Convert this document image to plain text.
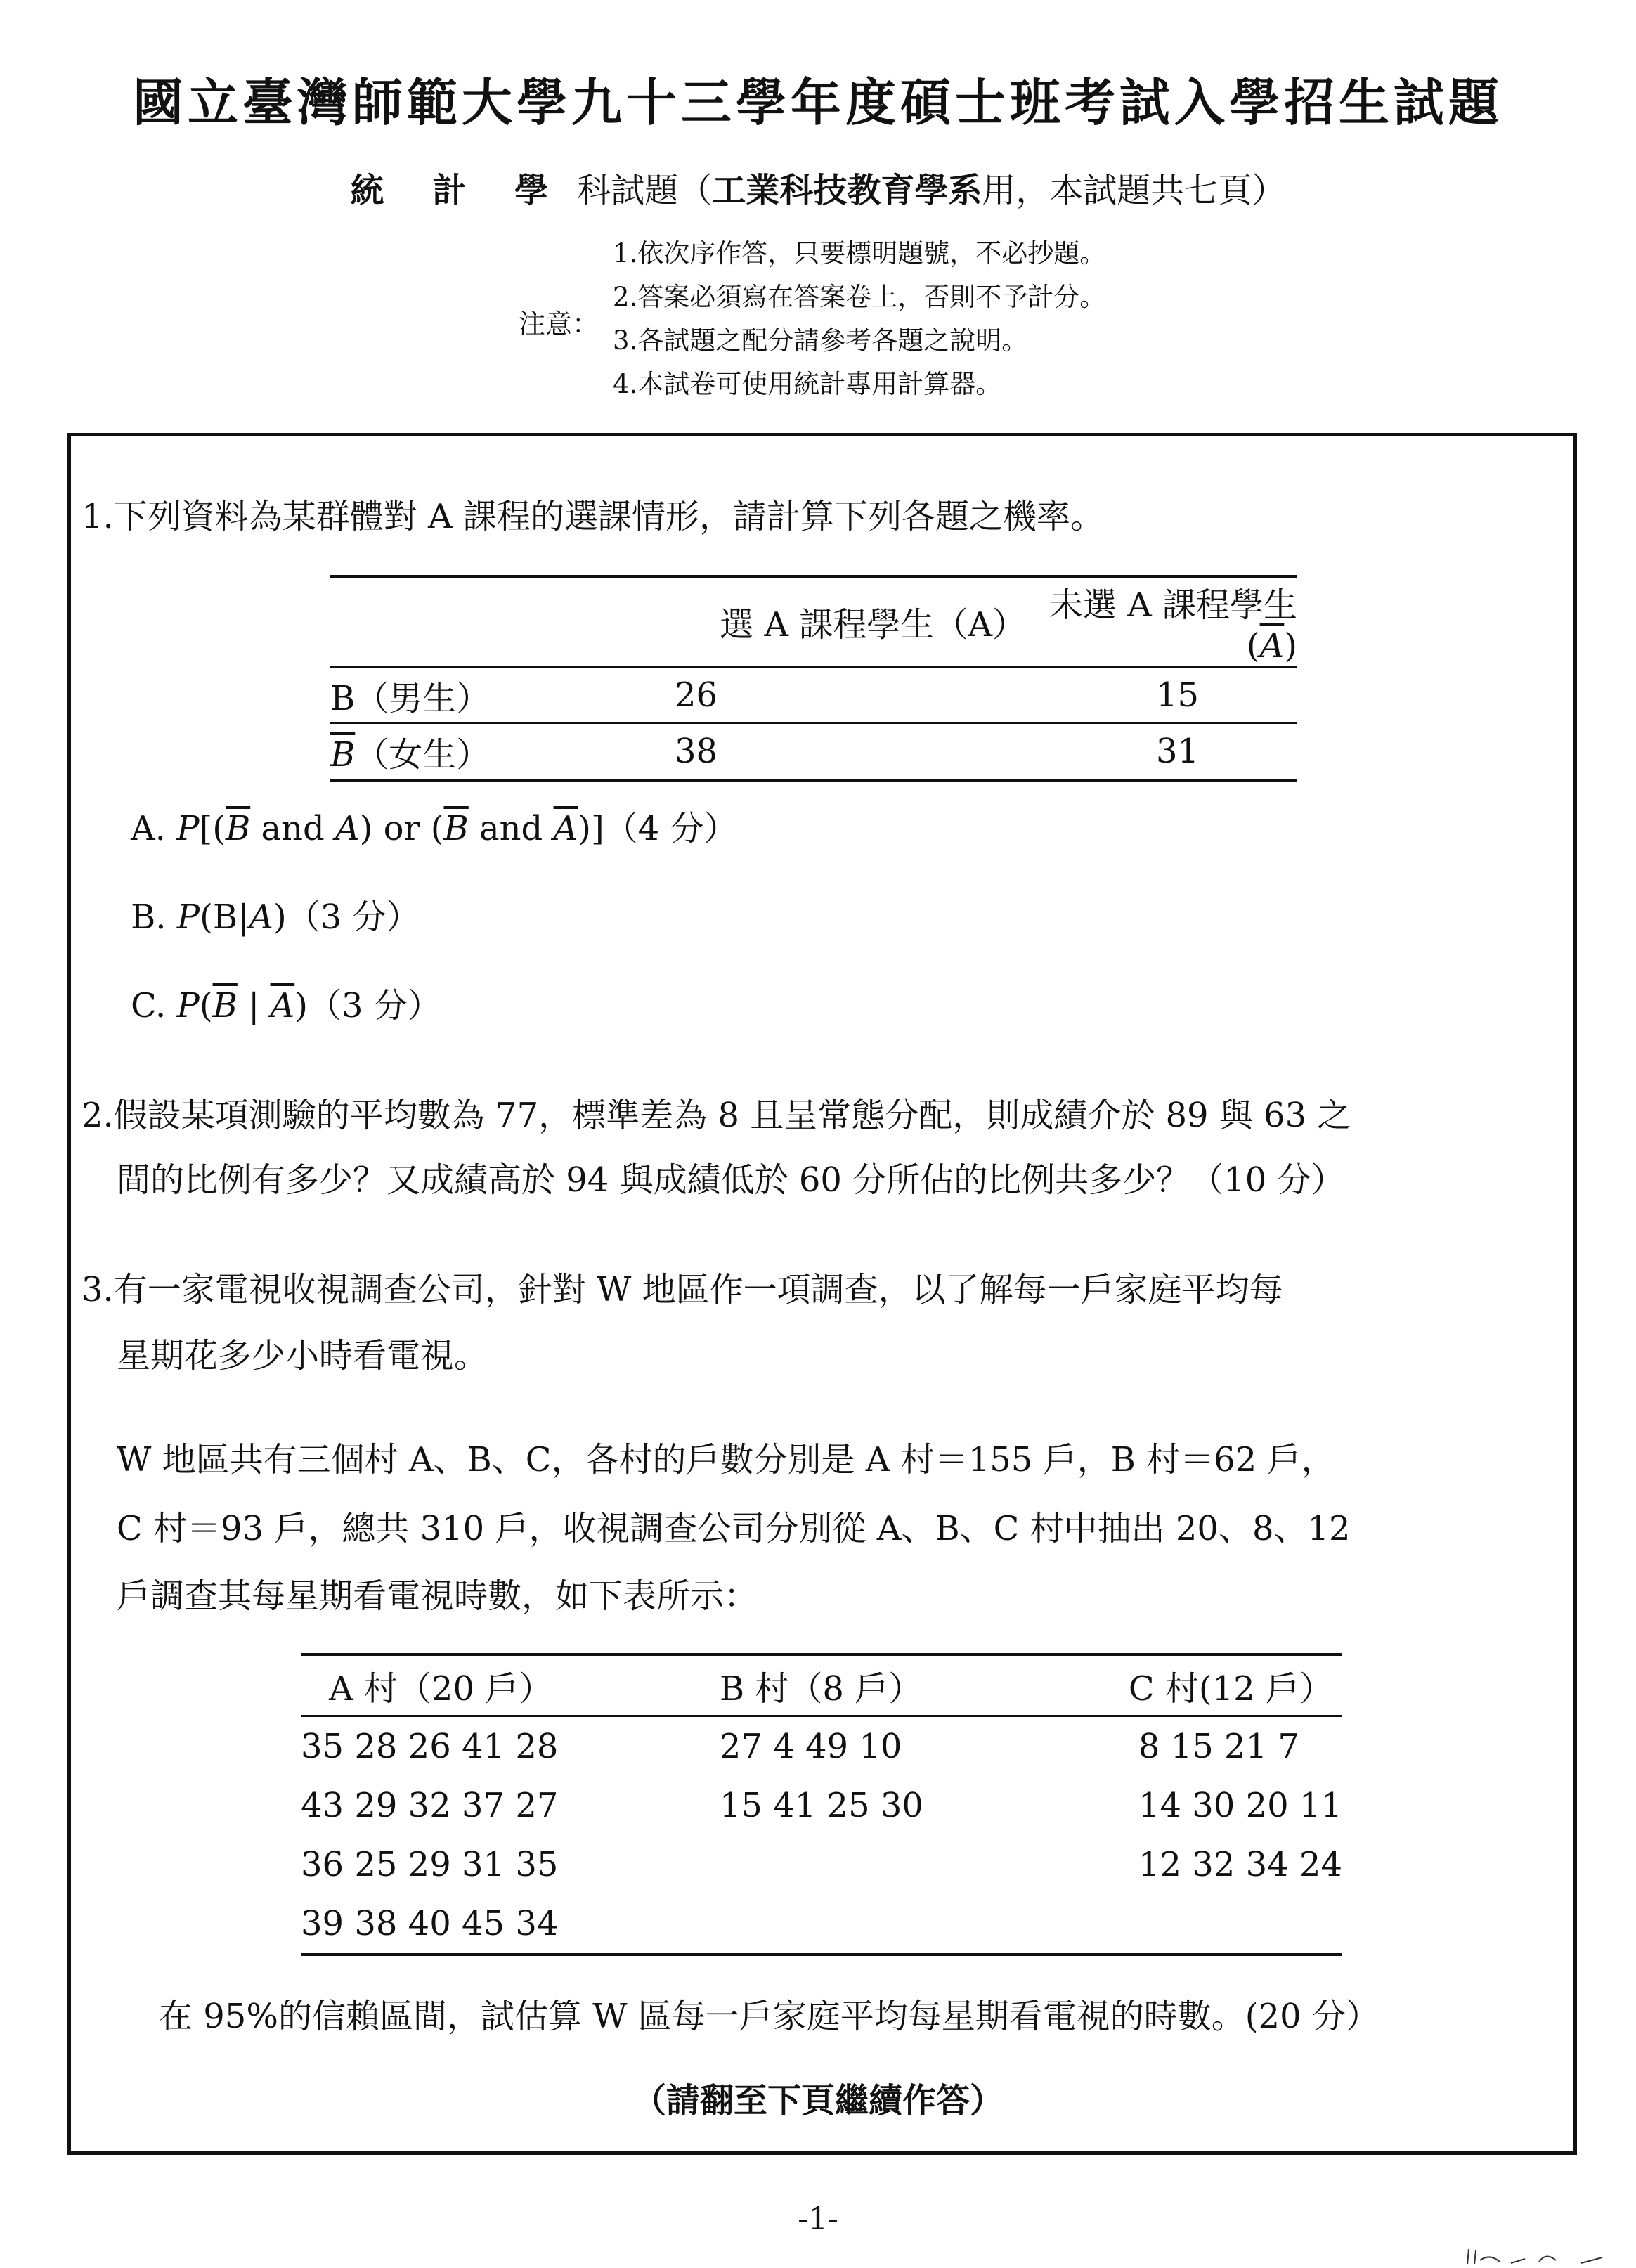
國立臺灣師範大學九十三學年度碩士班考試入學招生試題
統 計 學 科試題（工業科技教育學系用，本試題共七頁）
注意：
1.依次序作答，只要標明題號，不必抄題。
2.答案必須寫在答案卷上，否則不予計分。
3.各試題之配分請參考各題之說明。
4.本試卷可使用統計專用計算器。
1.下列資料為某群體對 A 課程的選課情形，請計算下列各題之機率。
	選 A 課程學生（A）	未選 A 課程學生$(\overline{A})$
B（男生）	26	15
$\overline{B}$（女生）	38	31
A. $P[(\overline{B}$ and A) or ($\overline{B}$ and $\overline{A})](4$ 分）
B. P(B|A)（3 分）
C. $P(\overline{B}$ | $\overline{A})(3$ 分）
2.假設某項測驗的平均數為 77，標準差為 8 且呈常態分配，則成績介於 89 與 63 之
間的比例有多少？又成績高於 94 與成績低於 60 分所佔的比例共多少？（10 分）
3.有一家電視收視調查公司，針對 W 地區作一項調查，以了解每一戶家庭平均每
星期花多少小時看電視。
W 地區共有三個村 A、B、C，各村的戶數分別是 A 村＝155 戶，B 村＝62 戶，
C 村＝93 戶，總共 310 戶，收視調查公司分別從 A、B、C 村中抽出 20、8、12
戶調查其每星期看電視時數，如下表所示：
A 村（20 戶）	B 村（8 戶）	C 村(12 戶）
35 28 26 41 28	27 4 49 10	8 15 21 7
43 29 32 37 27	15 41 25 30	14 30 20 11
36 25 29 31 35		12 32 34 24
39 38 40 45 34		
在 95%的信賴區間，試估算 W 區每一戶家庭平均每星期看電視的時數。(20 分）
（請翻至下頁繼續作答）
-1-
